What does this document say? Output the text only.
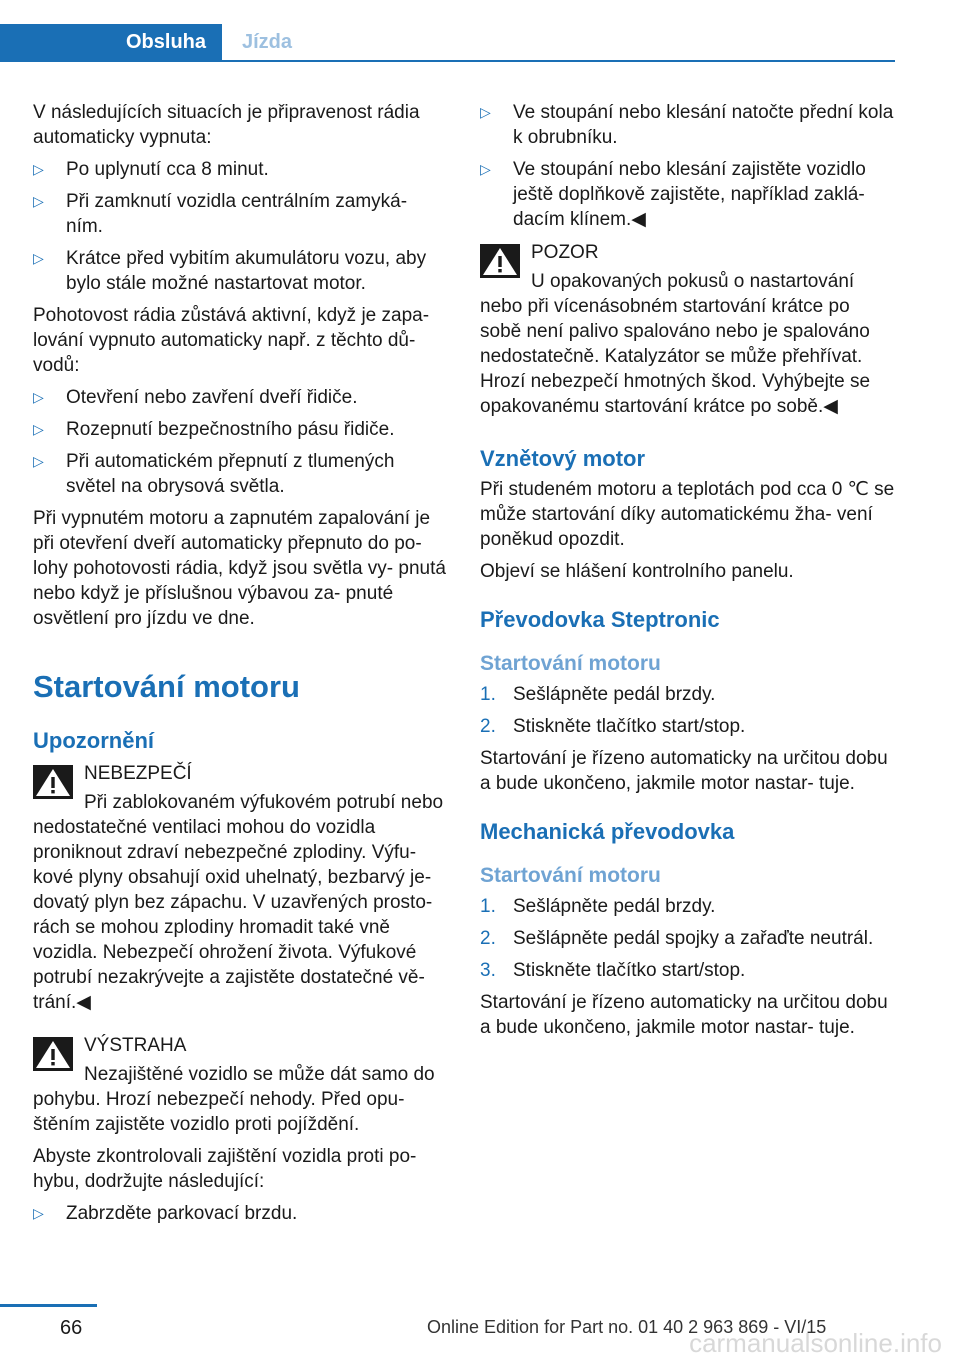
Obsluha	Jízda

V následujících situacích je připravenost rádia automaticky vypnuta:

▷	Po uplynutí cca 8 minut.
▷	Při zamknutí vozidla centrálním zamyká‐ ním.
▷	Krátce před vybitím akumulátoru vozu, aby bylo stále možné nastartovat motor.

Pohotovost rádia zůstává aktivní, když je zapa‐ lování vypnuto automaticky např. z těchto dů‐ vodů:

▷	Otevření nebo zavření dveří řidiče.
▷	Rozepnutí bezpečnostního pásu řidiče.
▷	Při automatickém přepnutí z tlumených světel na obrysová světla.

Při vypnutém motoru a zapnutém zapalování je při otevření dveří automaticky přepnuto do po‐ lohy pohotovosti rádia, když jsou světla vy‐ pnutá nebo když je příslušnou výbavou za‐ pnuté osvětlení pro jízdu ve dne.

Startování motoru
Upozornění
NEBEZPEČÍ

Při zablokovaném výfukovém potrubí nebo nedostatečné ventilaci mohou do vozidla proniknout zdraví nebezpečné zplodiny. Výfu‐ kové plyny obsahují oxid uhelnatý, bezbarvý je‐ dovatý plyn bez zápachu. V uzavřených prosto‐ rách se mohou zplodiny hromadit také vně vozidla. Nebezpečí ohrožení života. Výfukové potrubí nezakrývejte a zajistěte dostatečné vě‐ trání.◀

VÝSTRAHA

Nezajištěné vozidlo se může dát samo do pohybu. Hrozí nebezpečí nehody. Před opu‐ štěním zajistěte vozidlo proti pojíždění.

Abyste zkontrolovali zajištění vozidla proti po‐ hybu, dodržujte následující:

▷	Zabrzděte parkovací brzdu.
▷	Ve stoupání nebo klesání natočte přední kola k obrubníku.
▷	Ve stoupání nebo klesání zajistěte vozidlo ještě doplňkově zajistěte, například zaklá‐ dacím klínem.◀
POZOR

U opakovaných pokusů o nastartování nebo při vícenásobném startování krátce po sobě není palivo spalováno nebo je spalováno nedostatečně. Katalyzátor se může přehřívat. Hrozí nebezpečí hmotných škod. Vyhýbejte se opakovanému startování krátce po sobě.◀

Vznětový motor

Při studeném motoru a teplotách pod cca 0 ℃ se může startování díky automatickému žha‐ vení poněkud opozdit.

Objeví se hlášení kontrolního panelu.

Převodovka Steptronic
Startování motoru
1. Sešlápněte pedál brzdy.
2. Stiskněte tlačítko start/stop.

Startování je řízeno automaticky na určitou dobu a bude ukončeno, jakmile motor nastar‐ tuje.

Mechanická převodovka
Startování motoru
1. Sešlápněte pedál brzdy.
2. Sešlápněte pedál spojky a zařaďte neutrál.
3. Stiskněte tlačítko start/stop.

Startování je řízeno automaticky na určitou dobu a bude ukončeno, jakmile motor nastar‐ tuje.

66	Online Edition for Part no. 01 40 2 963 869 - VI/15
carmanualsonline.info
